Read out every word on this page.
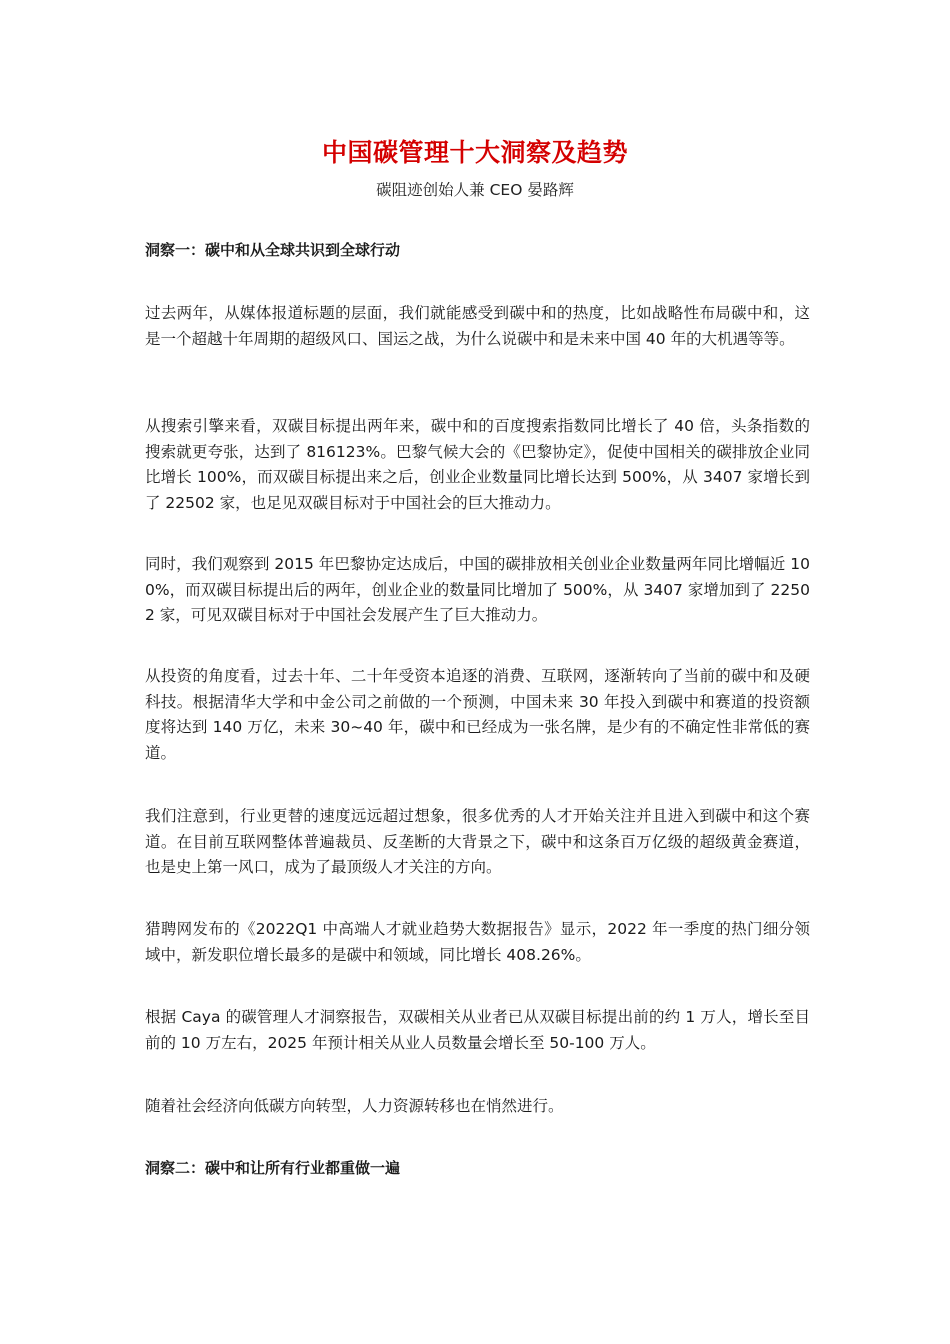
中国碳管理十大洞察及趋势
碳阻迹创始人兼 CEO 晏路辉
洞察一：碳中和从全球共识到全球行动
过去两年，从媒体报道标题的层面，我们就能感受到碳中和的热度，比如战略性布局碳中和，这是一个超越十年周期的超级风口、国运之战，为什么说碳中和是未来中国 40 年的大机遇等等。
从搜索引擎来看，双碳目标提出两年来，碳中和的百度搜索指数同比增长了 40 倍，头条指数的搜索就更夸张，达到了 816123%。巴黎气候大会的《巴黎协定》，促使中国相关的碳排放企业同比增长 100%，而双碳目标提出来之后，创业企业数量同比增长达到 500%，从 3407 家增长到了 22502 家，也足见双碳目标对于中国社会的巨大推动力。
同时，我们观察到 2015 年巴黎协定达成后，中国的碳排放相关创业企业数量两年同比增幅近 100%，而双碳目标提出后的两年，创业企业的数量同比增加了 500%，从 3407 家增加到了 22502 家，可见双碳目标对于中国社会发展产生了巨大推动力。
从投资的角度看，过去十年、二十年受资本追逐的消费、互联网，逐渐转向了当前的碳中和及硬科技。根据清华大学和中金公司之前做的一个预测，中国未来 30 年投入到碳中和赛道的投资额度将达到 140 万亿，未来 30~40 年，碳中和已经成为一张名牌，是少有的不确定性非常低的赛道。
我们注意到，行业更替的速度远远超过想象，很多优秀的人才开始关注并且进入到碳中和这个赛道。在目前互联网整体普遍裁员、反垄断的大背景之下，碳中和这条百万亿级的超级黄金赛道，也是史上第一风口，成为了最顶级人才关注的方向。
猎聘网发布的《2022Q1 中高端人才就业趋势大数据报告》显示，2022 年一季度的热门细分领域中，新发职位增长最多的是碳中和领域，同比增长 408.26%。
根据 Caya 的碳管理人才洞察报告，双碳相关从业者已从双碳目标提出前的约 1 万人，增长至目前的 10 万左右，2025 年预计相关从业人员数量会增长至 50-100 万人。
随着社会经济向低碳方向转型，人力资源转移也在悄然进行。
洞察二：碳中和让所有行业都重做一遍
